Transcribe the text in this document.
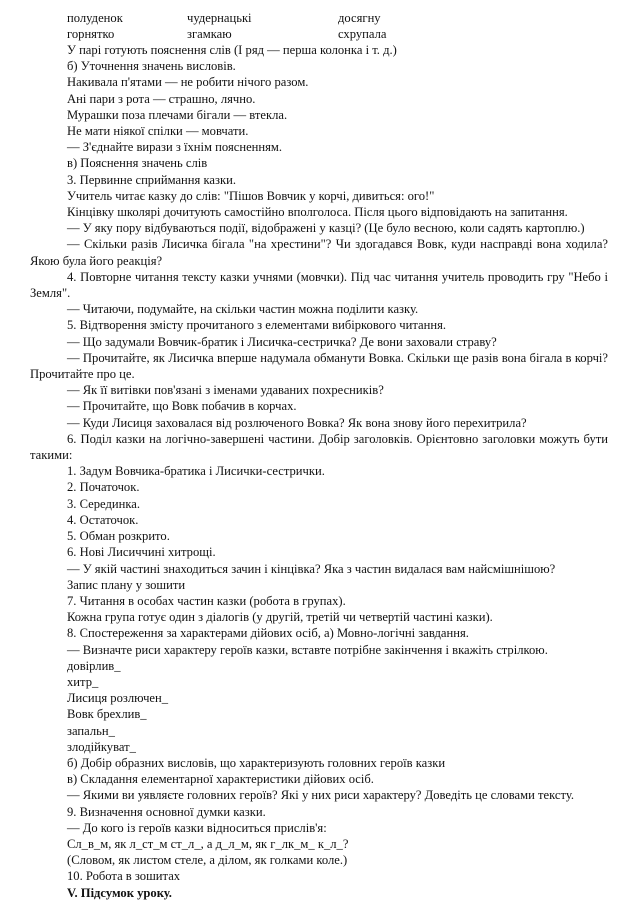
полуденок	чудернацькі	досягну
горнятко	згамкаю	схрупала

У парі готують пояснення слів (І ряд — перша колонка і т. д.)

б) Уточнення значень висловів.

Накивала п'ятами — не робити нічого разом.

Ані пари з рота — страшно, лячно.

Мурашки поза плечами бігали — втекла.

Не мати ніякої спілки — мовчати.

— З'єднайте вирази з їхнім поясненням.

в) Пояснення значень слів

3. Первинне сприймання казки.

Учитель читає казку до слів: "Пішов Вовчик у корчі, дивиться: ого!"

Кінцівку школярі дочитують самостійно вполголоса. Після цього відповідають на запитання.

— У яку пору відбуваються події, відображені у казці? (Це було весною, коли садять картоплю.)

— Скільки разів Лисичка бігала "на хрестини"? Чи здогадався Вовк, куди насправді вона ходила? Якою була його реакція?

4. Повторне читання тексту казки учнями (мовчки). Під час читання учитель проводить гру "Небо і Земля".

— Читаючи, подумайте, на скільки частин можна поділити казку.

5. Відтворення змісту прочитаного з елементами вибіркового читання.

— Що задумали Вовчик-братик і Лисичка-сестричка? Де вони заховали страву?

— Прочитайте, як Лисичка вперше надумала обманути Вовка. Скільки ще разів вона бігала в корчі? Прочитайте про це.

— Як її витівки пов'язані з іменами удаваних похресників?

— Прочитайте, що Вовк побачив в корчах.

— Куди Лисиця заховалася від розлюченого Вовка? Як вона знову його перехитрила?

6. Поділ казки на логічно-завершені частини. Добір заголовків. Орієнтовно заголовки можуть бути такими:

1. Задум Вовчика-братика і Лисички-сестрички.

2. Початочок.

3. Серединка.

4. Остаточок.

5. Обман розкрито.

6. Нові Лисиччині хитрощі.

— У якій частині знаходиться зачин і кінцівка? Яка з частин видалася вам найсмішнішою?

Запис плану у зошити

7. Читання в особах частин казки (робота в групах).

Кожна група готує один з діалогів (у другій, третій чи четвертій частині казки).

8. Спостереження за характерами дійових осіб, а) Мовно-логічні завдання.

— Визначте риси характеру героїв казки, вставте потрібне закінчення і вкажіть стрілкою.

довірлив_

хитр_

Лисиця розлючен_

Вовк брехлив_

запальн_

злодійкуват_

б) Добір образних висловів, що характеризують головних героїв казки

в) Складання елементарної характеристики дійових осіб.

— Якими ви уявляєте головних героїв? Які у них риси характеру? Доведіть це словами тексту.

9. Визначення основної думки казки.

— До кого із героїв казки відноситься прислів'я:

Сл_в_м, як л_ст_м ст_л_, а д_л_м, як г_лк_м_ к_л_?

(Словом, як листом стеле, а ділом, як голками коле.)

10. Робота в зошитах

V. Підсумок уроку.
